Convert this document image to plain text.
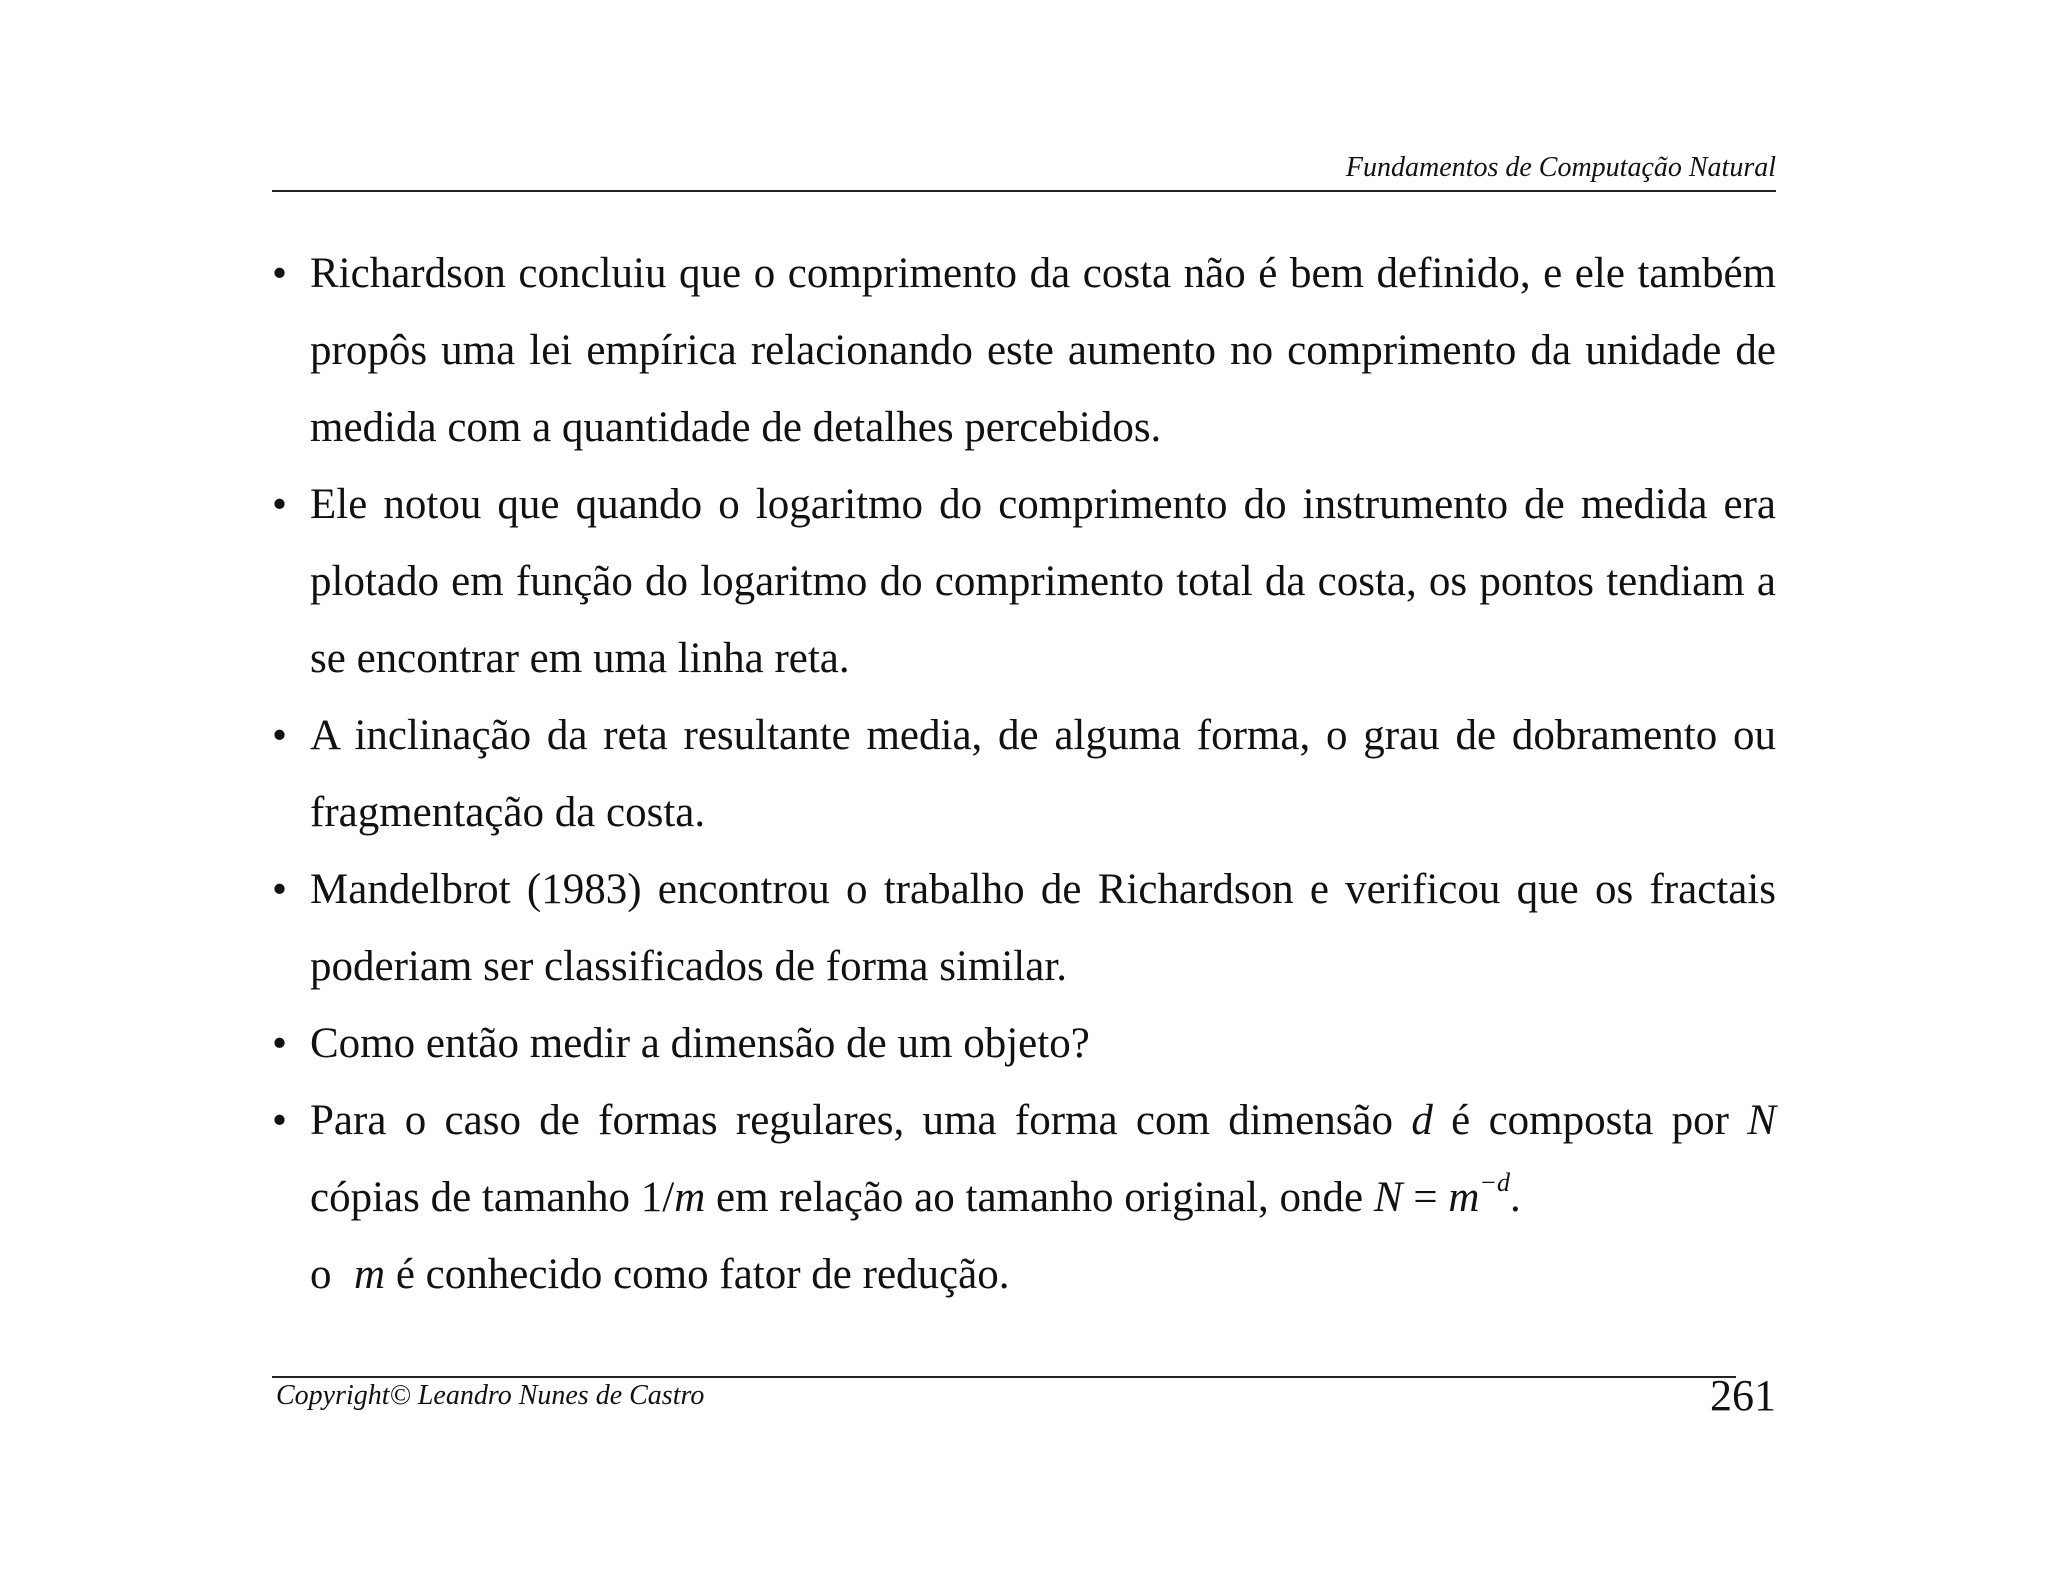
Fundamentos de Computação Natural
• Richardson concluiu que o comprimento da costa não é bem definido, e ele também propôs uma lei empírica relacionando este aumento no comprimento da unidade de medida com a quantidade de detalhes percebidos.
• Ele notou que quando o logaritmo do comprimento do instrumento de medida era plotado em função do logaritmo do comprimento total da costa, os pontos tendiam a se encontrar em uma linha reta.
• A inclinação da reta resultante media, de alguma forma, o grau de dobramento ou fragmentação da costa.
• Mandelbrot (1983) encontrou o trabalho de Richardson e verificou que os fractais poderiam ser classificados de forma similar.
• Como então medir a dimensão de um objeto?
• Para o caso de formas regulares, uma forma com dimensão d é composta por N cópias de tamanho 1/m em relação ao tamanho original, onde $N = m^{-d}$.
o m é conhecido como fator de redução.
Copyright© Leandro Nunes de Castro	261
